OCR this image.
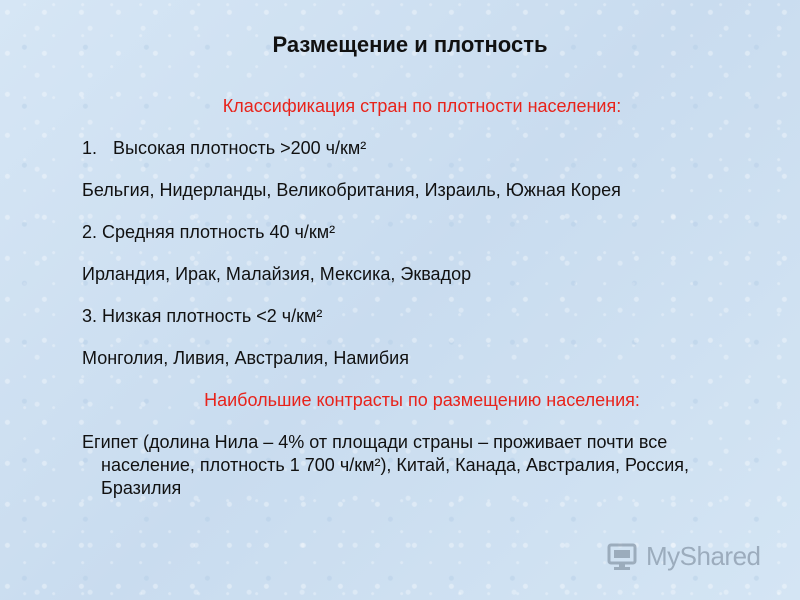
Размещение и плотность

Классификация стран по плотности населения:

1. Высокая плотность >200 ч/км²

Бельгия, Нидерланды, Великобритания, Израиль, Южная Корея

2. Средняя плотность 40 ч/км²

Ирландия, Ирак, Малайзия, Мексика, Эквадор

3. Низкая плотность <2 ч/км²

Монголия, Ливия, Австралия, Намибия

Наибольшие контрасты по размещению населения:

Египет (долина Нила – 4% от площади страны – проживает почти все население, плотность 1 700 ч/км²), Китай, Канада, Австралия, Россия, Бразилия

MyShared
